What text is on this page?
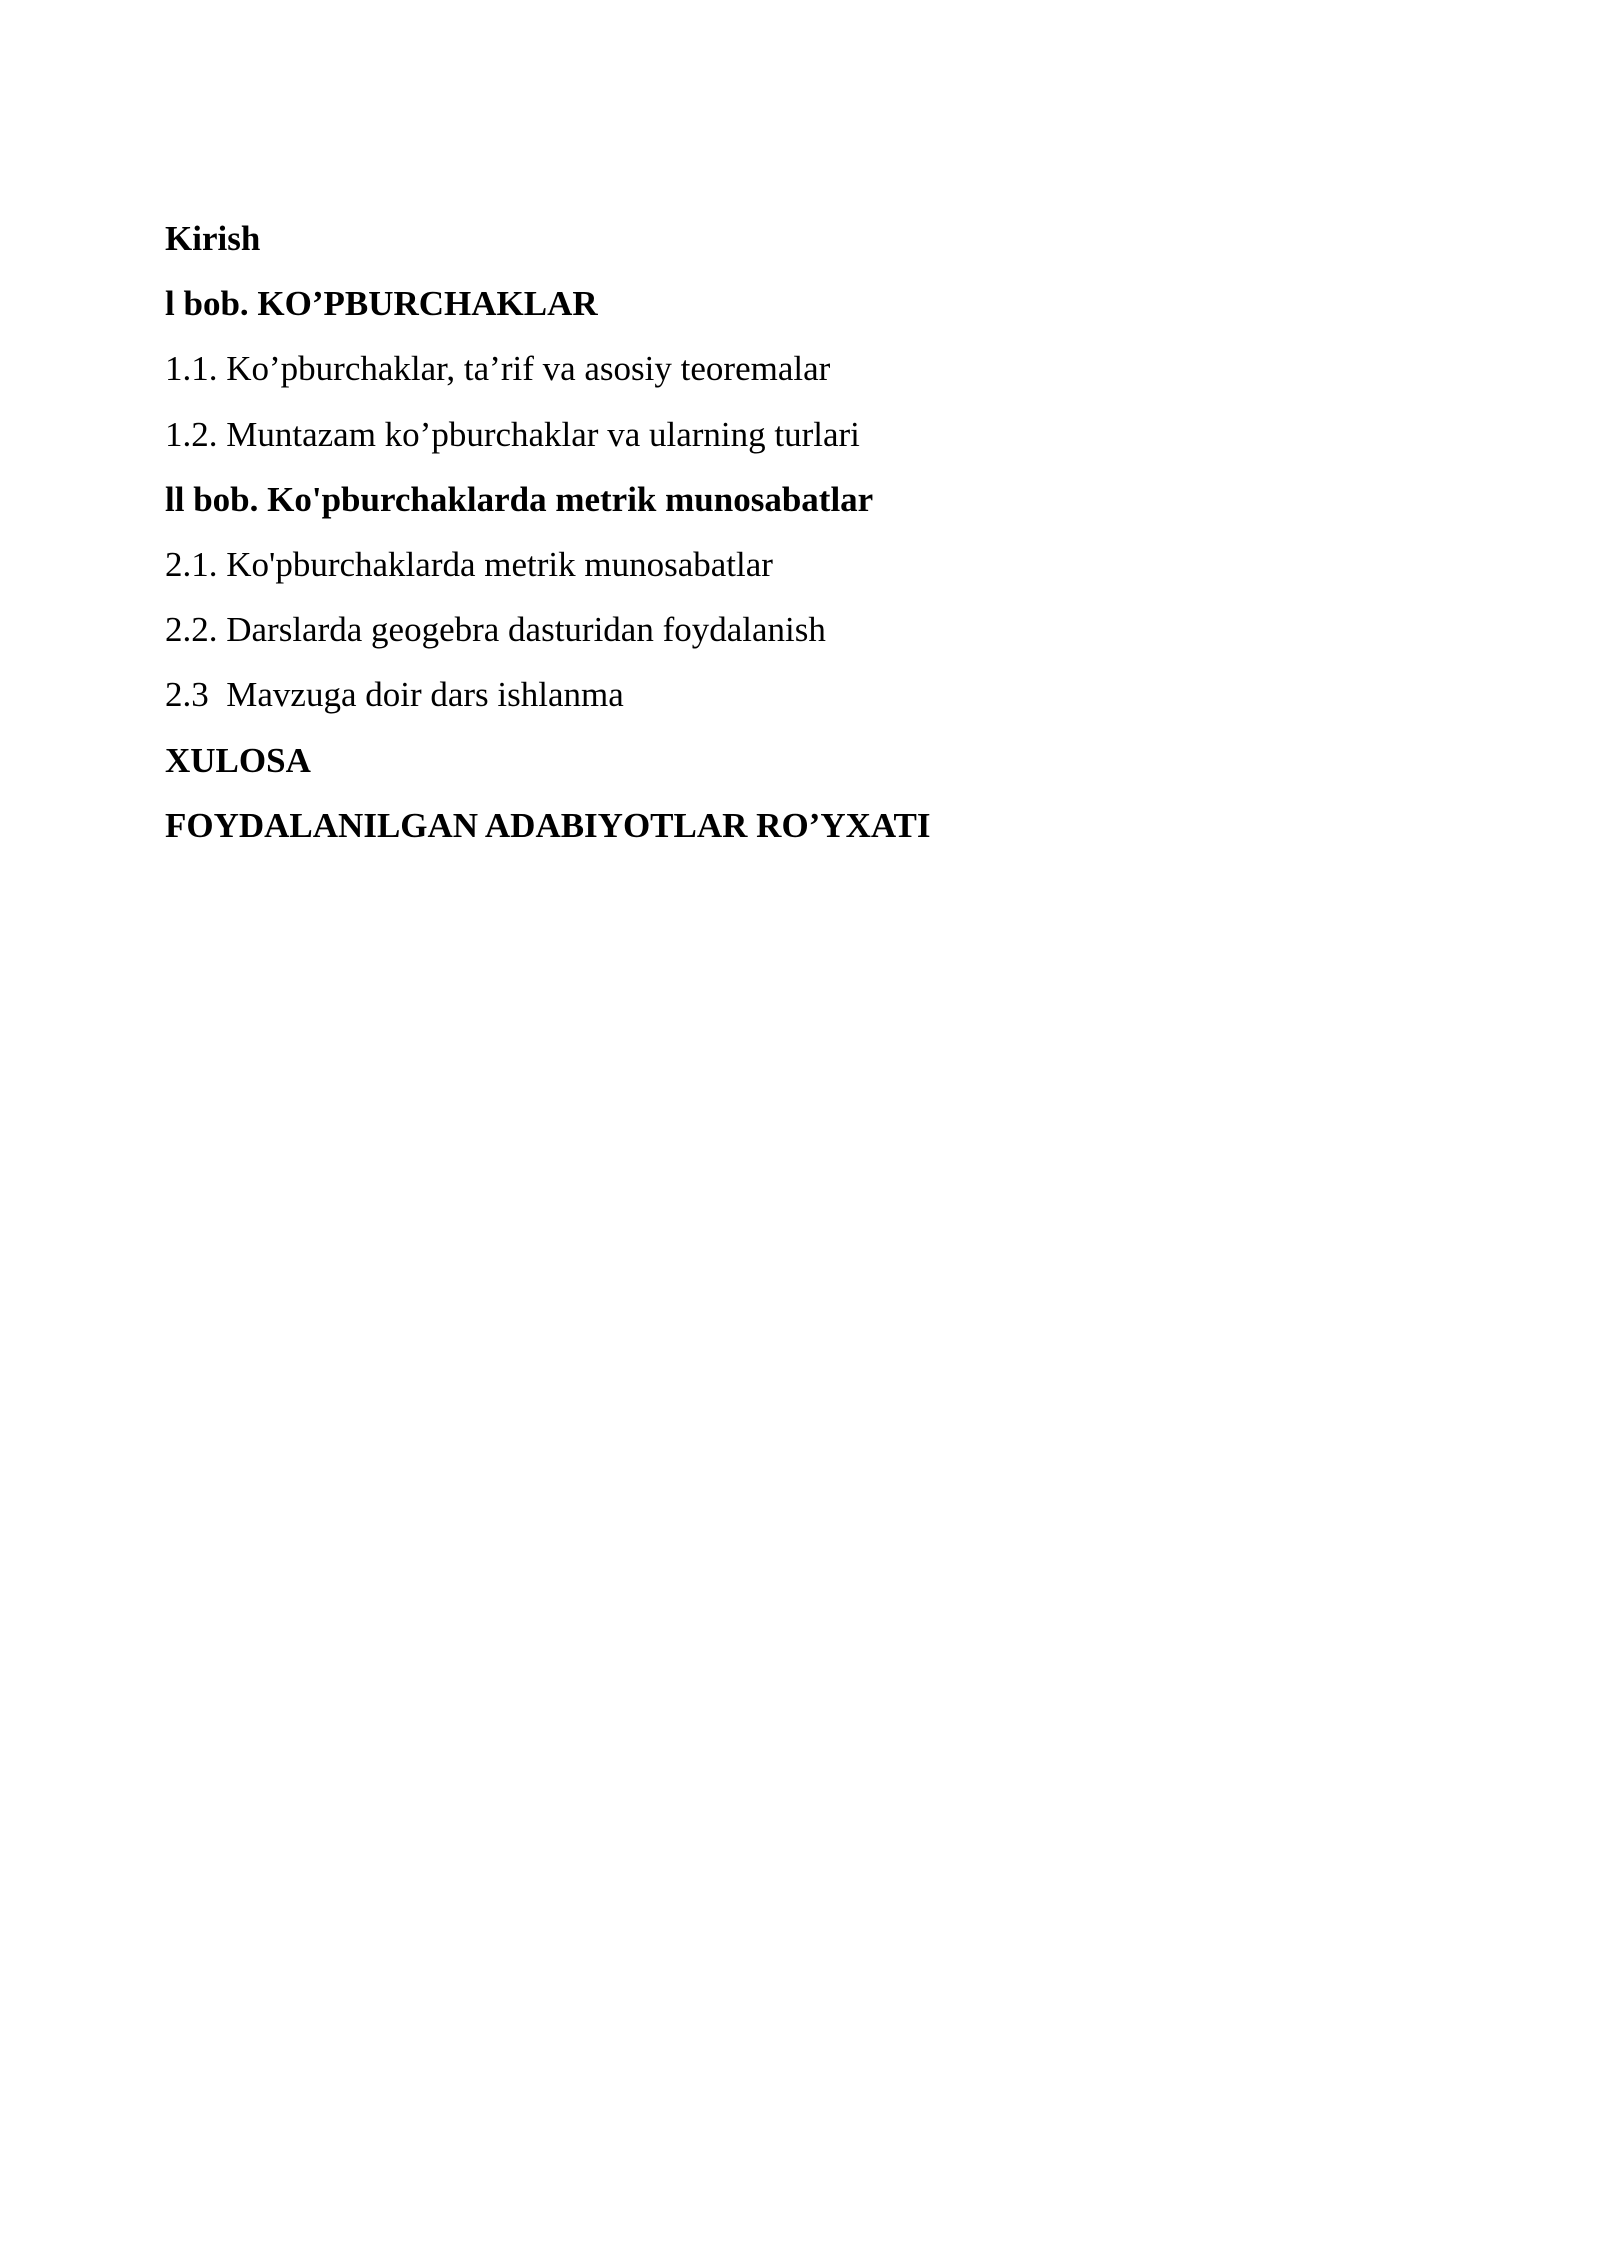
Kirish
l bob. KO’PBURCHAKLAR
1.1. Ko’pburchaklar, ta’rif va asosiy teoremalar
1.2. Muntazam ko’pburchaklar va ularning turlari
ll bob. Ko'pburchaklarda metrik munosabatlar
2.1. Ko'pburchaklarda metrik munosabatlar
2.2. Darslarda geogebra dasturidan foydalanish
2.3  Mavzuga doir dars ishlanma
XULOSA
FOYDALANILGAN ADABIYOTLAR RO’YXATI
